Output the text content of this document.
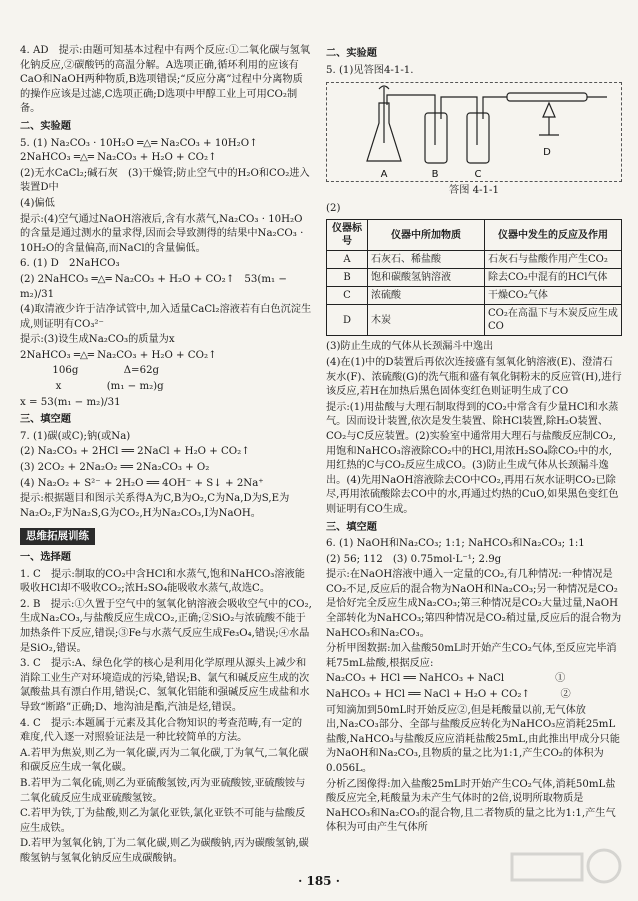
4. AD　提示:由题可知基本过程中有两个反应:①二氧化碳与氢氧化钠反应,②碳酸钙的高温分解。A选项正确,循环利用的应该有CaO和NaOH两种物质,B选项错误;“反应分离”过程中分离物质的操作应该是过滤,C选项正确;D选项中甲醇工业上可用CO₂制备。

二、实验题

5. (1) Na₂CO₃ · 10H₂O ═△═ Na₂CO₃ + 10H₂O↑  2NaHCO₃ ═△═ Na₂CO₃ + H₂O + CO₂↑

(2)无水CaCl₂;碱石灰　(3)干燥管;防止空气中的H₂O和CO₂进入装置D中

(4)偏低

提示:(4)空气通过NaOH溶液后,含有水蒸气,Na₂CO₃ · 10H₂O的含量是通过测水的量求得,因而会导致测得的结果中Na₂CO₃ · 10H₂O的含量偏高,而NaCl的含量偏低。

6. (1) D　2NaHCO₃

(2) 2NaHCO₃ ═△═ Na₂CO₃ + H₂O + CO₂↑　53(m₁ − m₂)/31

(4)取清液少许于洁净试管中,加入适量CaCl₂溶液若有白色沉淀生成,则证明有CO₃²⁻

提示:(3)设生成Na₂CO₃的质量为x

2NaHCO₃ ═△═ Na₂CO₃ + H₂O + CO₂↑

106g              Δ=62g

x              (m₁ − m₂)g

x = 53(m₁ − m₂)/31

三、填空题

7. (1)碳(或C);钠(或Na)

(2) Na₂CO₃ + 2HCl ══ 2NaCl + H₂O + CO₂↑

(3) 2CO₂ + 2Na₂O₂ ══ 2Na₂CO₃ + O₂

(4) Na₂O₂ + S²⁻ + 2H₂O ══ 4OH⁻ + S↓ + 2Na⁺

提示:根据题目和图示关系得A为C,B为O₂,C为Na,D为S,E为Na₂O₂,F为Na₂S,G为CO₂,H为Na₂CO₃,I为NaOH。

思维拓展训练

一、选择题

1. C　提示:制取的CO₂中含HCl和水蒸气,饱和NaHCO₃溶液能吸收HCl却不吸收CO₂;浓H₂SO₄能吸收水蒸气,故选C。

2. B　提示:①久置于空气中的氢氧化钠溶液会吸收空气中的CO₂,生成Na₂CO₃,与盐酸反应生成CO₂,正确;②SiO₂与浓硫酸不能于加热条件下反应,错误;③Fe与水蒸气反应生成Fe₃O₄,错误;④水晶是SiO₂,错误。

3. C　提示:A、绿色化学的核心是利用化学原理从源头上减少和消除工业生产对环境造成的污染,错误;B、氯气和碱反应生成的次氯酸盐具有漂白作用,错误;C、氢氧化铝能和强碱反应生成盐和水导致“断路”正确;D、地沟油是酯,汽油是烃,错误。

4. C　提示:本题属于元素及其化合物知识的考查范畴,有一定的难度,代入逐一对照验证法是一种比较简单的方法。

A.若甲为焦炭,则乙为一氧化碳,丙为二氧化碳,丁为氧气,二氧化碳和碳反应生成一氧化碳。

B.若甲为二氧化硫,则乙为亚硫酸氢铵,丙为亚硫酸铵,亚硫酸铵与二氧化硫反应生成亚硫酸氢铵。

C.若甲为铁,丁为盐酸,则乙为氯化亚铁,氯化亚铁不可能与盐酸反应生成铁。

D.若甲为氢氧化钠,丁为二氧化碳,则乙为碳酸钠,丙为碳酸氢钠,碳酸氢钠与氢氧化钠反应生成碳酸钠。

二、实验题

5. (1)见答图4-1-1.

A	B	C
D
答图 4-1-1

(2)

仪器标号	仪器中所加物质	仪器中发生的反应及作用
A	石灰石、稀盐酸	石灰石与盐酸作用产生CO₂
B	饱和碳酸氢钠溶液	除去CO₂中混有的HCl气体
C	浓硫酸	干燥CO₂气体
D	木炭	CO₂在高温下与木炭反应生成CO

(3)防止生成的气体从长颈漏斗中逸出

(4)在(1)中的D装置后再依次连接盛有氢氧化钠溶液(E)、澄清石灰水(F)、浓硫酸(G)的洗气瓶和盛有氧化铜粉末的反应管(H),进行该反应,若H在加热后黑色固体变红色则证明生成了CO

提示:(1)用盐酸与大理石制取得到的CO₂中常含有少量HCl和水蒸气。因而设计装置,依次是发生装置、除HCl装置,除H₂O装置、CO₂与C反应装置。(2)实验室中通常用大理石与盐酸反应制CO₂,用饱和NaHCO₃溶液除CO₂中的HCl,用浓H₂SO₄除CO₂中的水,用红热的C与CO₂反应生成CO。(3)防止生成气体从长颈漏斗逸出。(4)先用NaOH溶液除去CO中CO₂,再用石灰水证明CO₂已除尽,再用浓硫酸除去CO中的水,再通过灼热的CuO,如果黑色变红色则证明有CO生成。

三、填空题

6. (1) NaOH和Na₂CO₃; 1:1; NaHCO₃和Na₂CO₃; 1:1

(2) 56; 112　(3) 0.75mol·L⁻¹; 2.9g

提示:在NaOH溶液中通入一定量的CO₂,有几种情况:一种情况是CO₂不足,反应后的混合物为NaOH和Na₂CO₃;另一种情况是CO₂是恰好完全反应生成Na₂CO₃;第三种情况是CO₂大量过量,NaOH全部转化为NaHCO₃;第四种情况是CO₂稍过量,反应后的混合物为NaHCO₃和Na₂CO₃。

分析甲图数据:加入盐酸50mL时开始产生CO₂气体,至反应完毕消耗75mL盐酸,根据反应:

Na₂CO₃ + HCl ══ NaHCO₃ + NaCl　　　　　①

NaHCO₃ + HCl ══ NaCl + H₂O + CO₂↑　　　②

可知滴加到50mL时开始反应②,但是耗酸量以前,无气体放出,Na₂CO₃部分、全部与盐酸反应转化为NaHCO₃应消耗25mL盐酸,NaHCO₃与盐酸反应应消耗盐酸25mL,由此推出甲成分只能为NaOH和Na₂CO₃,且物质的量之比为1:1,产生CO₂的体积为0.056L。

分析乙图像得:加入盐酸25mL时开始产生CO₂气体,消耗50mL盐酸反应完全,耗酸量为未产生气体时的2倍,说明所取物质是NaHCO₃和Na₂CO₃的混合物,且二者物质的量之比为1:1,产生气体积为可由产生气体所

· 185 ·
